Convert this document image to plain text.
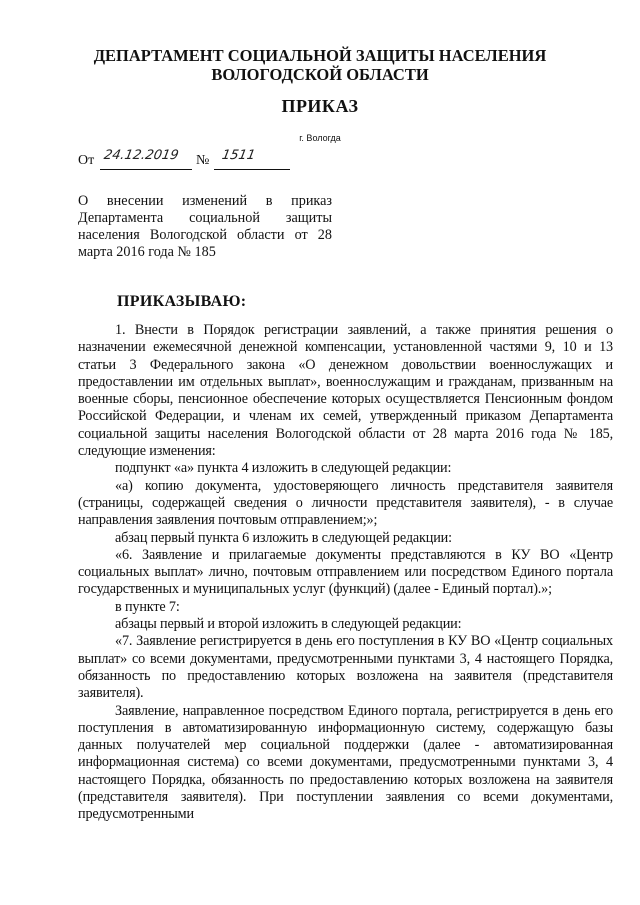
ДЕПАРТАМЕНТ СОЦИАЛЬНОЙ ЗАЩИТЫ НАСЕЛЕНИЯ
ВОЛОГОДСКОЙ ОБЛАСТИ
ПРИКАЗ
г. Вологда
От 24.12.2019 № 1511
О внесении изменений в приказ Департамента социальной защиты населения Вологодской области от 28 марта 2016 года № 185
ПРИКАЗЫВАЮ:

1. Внести в Порядок регистрации заявлений, а также принятия решения о назначении ежемесячной денежной компенсации, установленной частями 9, 10 и 13 статьи 3 Федерального закона «О денежном довольствии военнослужащих и предоставлении им отдельных выплат», военнослужащим и гражданам, призванным на военные сборы, пенсионное обеспечение которых осуществляется Пенсионным фондом Российской Федерации, и членам их семей, утвержденный приказом Департамента социальной защиты населения Вологодской области от 28 марта 2016 года № 185, следующие изменения:

подпункт «а» пункта 4 изложить в следующей редакции:

«а) копию документа, удостоверяющего личность представителя заявителя (страницы, содержащей сведения о личности представителя заявителя), - в случае направления заявления почтовым отправлением;»;

абзац первый пункта 6 изложить в следующей редакции:

«6. Заявление и прилагаемые документы представляются в КУ ВО «Центр социальных выплат» лично, почтовым отправлением или посредством Единого портала государственных и муниципальных услуг (функций) (далее - Единый портал).»;

в пункте 7:

абзацы первый и второй изложить в следующей редакции:

«7. Заявление регистрируется в день его поступления в КУ ВО «Центр социальных выплат» со всеми документами, предусмотренными пунктами 3, 4 настоящего Порядка, обязанность по предоставлению которых возложена на заявителя (представителя заявителя).

Заявление, направленное посредством Единого портала, регистрируется в день его поступления в автоматизированную информационную систему, содержащую базы данных получателей мер социальной поддержки (далее - автоматизированная информационная система) со всеми документами, предусмотренными пунктами 3, 4 настоящего Порядка, обязанность по предоставлению которых возложена на заявителя (представителя заявителя). При поступлении заявления со всеми документами, предусмотренными
